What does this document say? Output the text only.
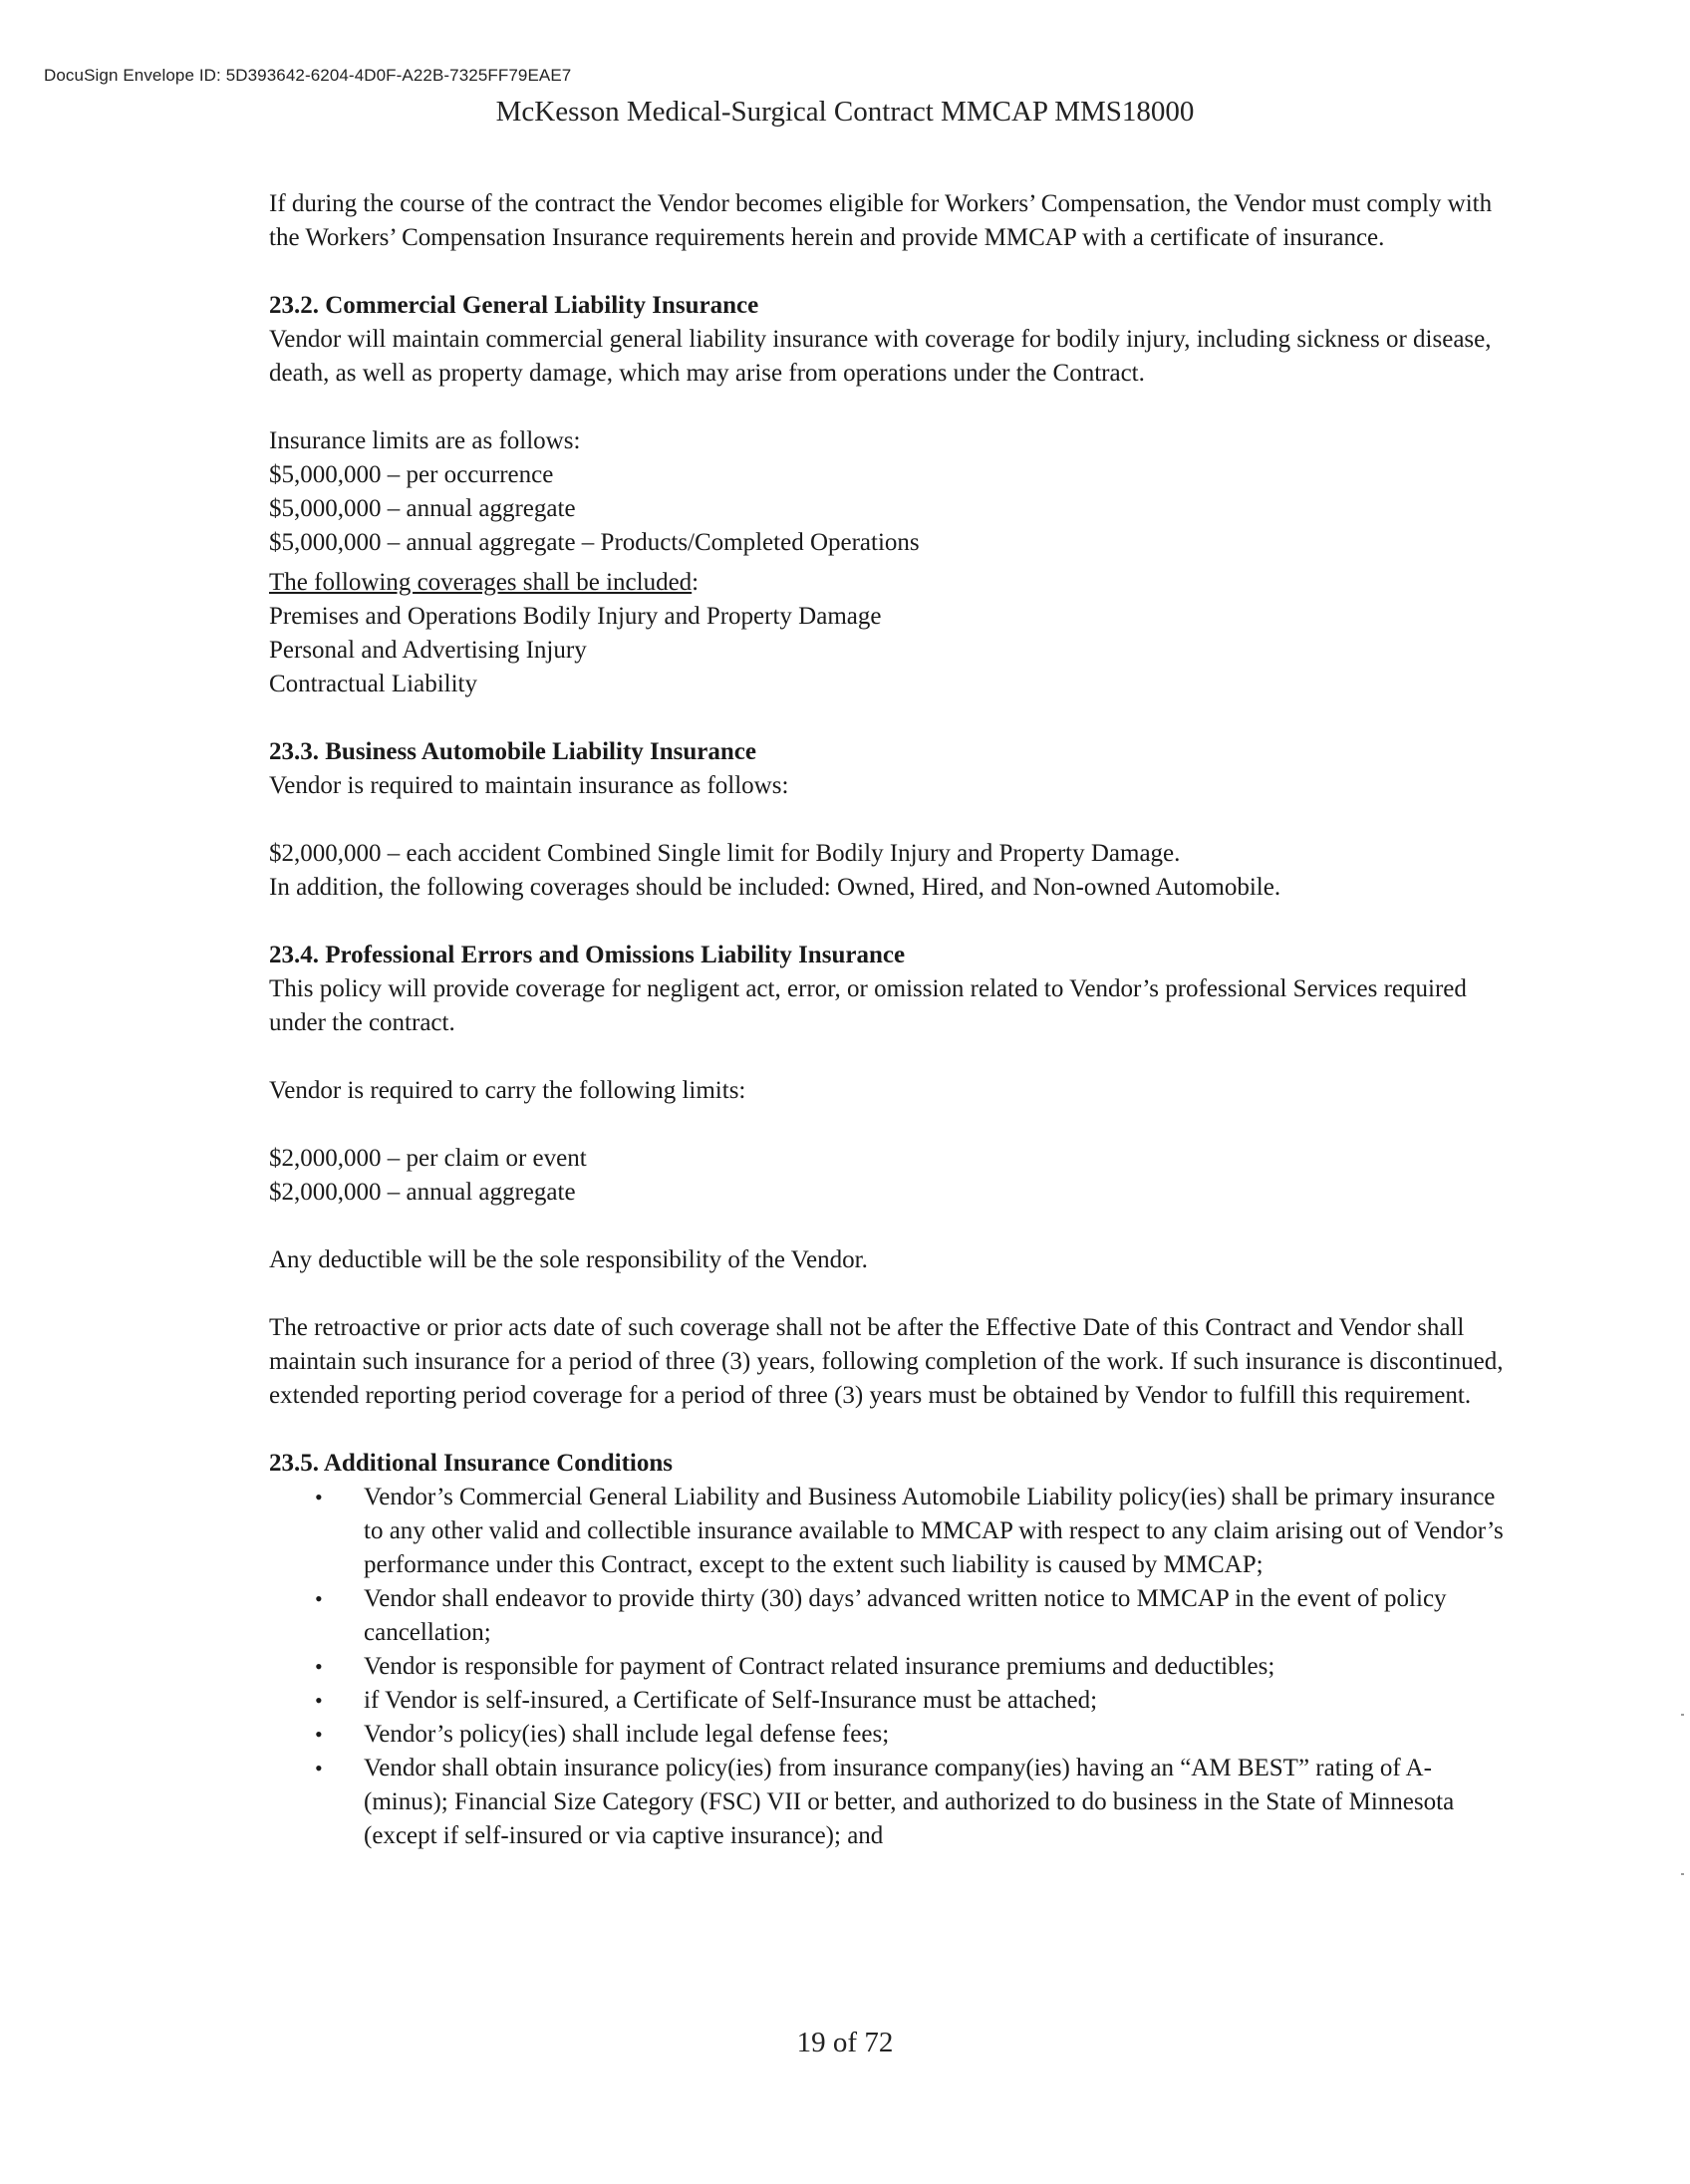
DocuSign Envelope ID: 5D393642-6204-4D0F-A22B-7325FF79EAE7
McKesson Medical-Surgical Contract MMCAP MMS18000

If during the course of the contract the Vendor becomes eligible for Workers’ Compensation, the Vendor must comply with the Workers’ Compensation Insurance requirements herein and provide MMCAP with a certificate of insurance.

23.2. Commercial General Liability Insurance

Vendor will maintain commercial general liability insurance with coverage for bodily injury, including sickness or disease, death, as well as property damage, which may arise from operations under the Contract.

Insurance limits are as follows:
$5,000,000 – per occurrence
$5,000,000 – annual aggregate
$5,000,000 – annual aggregate – Products/Completed Operations
The following coverages shall be included:
Premises and Operations Bodily Injury and Property Damage
Personal and Advertising Injury
Contractual Liability
23.3. Business Automobile Liability Insurance
Vendor is required to maintain insurance as follows:
$2,000,000 – each accident Combined Single limit for Bodily Injury and Property Damage.
In addition, the following coverages should be included: Owned, Hired, and Non-owned Automobile.
23.4. Professional Errors and Omissions Liability Insurance

This policy will provide coverage for negligent act, error, or omission related to Vendor’s professional Services required under the contract.

Vendor is required to carry the following limits:

$2,000,000 – per claim or event
$2,000,000 – annual aggregate

Any deductible will be the sole responsibility of the Vendor.

The retroactive or prior acts date of such coverage shall not be after the Effective Date of this Contract and Vendor shall maintain such insurance for a period of three (3) years, following completion of the work. If such insurance is discontinued, extended reporting period coverage for a period of three (3) years must be obtained by Vendor to fulfill this requirement.

23.5. Additional Insurance Conditions
• Vendor’s Commercial General Liability and Business Automobile Liability policy(ies) shall be primary insurance to any other valid and collectible insurance available to MMCAP with respect to any claim arising out of Vendor’s performance under this Contract, except to the extent such liability is caused by MMCAP;
• Vendor shall endeavor to provide thirty (30) days’ advanced written notice to MMCAP in the event of policy cancellation;
• Vendor is responsible for payment of Contract related insurance premiums and deductibles;
• if Vendor is self-insured, a Certificate of Self-Insurance must be attached;
• Vendor’s policy(ies) shall include legal defense fees;
• Vendor shall obtain insurance policy(ies) from insurance company(ies) having an “AM BEST” rating of A- (minus); Financial Size Category (FSC) VII or better, and authorized to do business in the State of Minnesota (except if self-insured or via captive insurance); and
19 of 72
